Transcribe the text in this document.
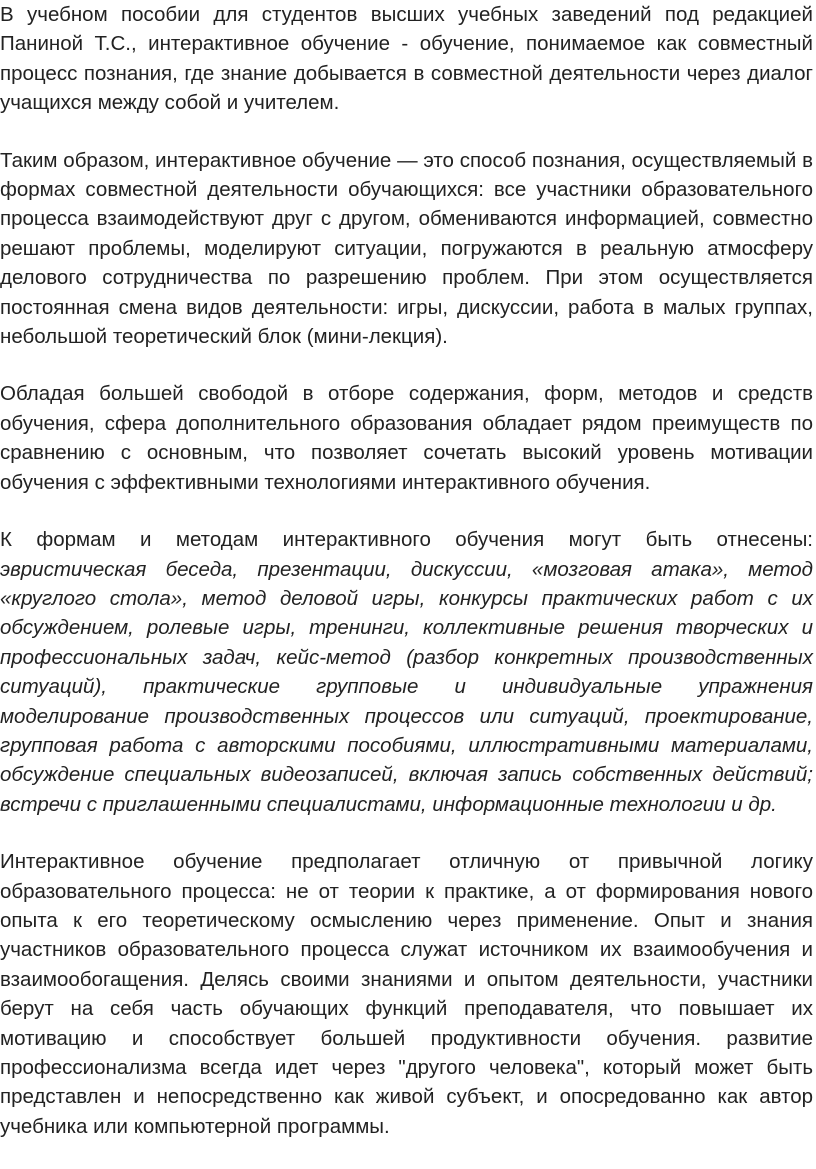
В учебном пособии для студентов высших учебных заведений под редакцией Паниной Т.С., интерактивное обучение - обучение, понимаемое как совместный процесс познания, где знание добывается в совместной деятельности через диалог учащихся между собой и учителем.

Таким образом, интерактивное обучение — это способ познания, осуществляемый в формах совместной деятельности обучающихся: все участники образовательного процесса взаимодействуют друг с другом, обмениваются информацией, совместно решают проблемы, моделируют ситуации, погружаются в реальную атмосферу делового сотрудничества по разрешению проблем. При этом осуществляется постоянная смена видов деятельности: игры, дискуссии, работа в малых группах, небольшой теоретический блок (мини-лекция).

Обладая большей свободой в отборе содержания, форм, методов и средств обучения, сфера дополнительного образования обладает рядом преимуществ по сравнению с основным, что позволяет сочетать высокий уровень мотивации обучения с эффективными технологиями интерактивного обучения.

К формам и методам интерактивного обучения могут быть отнесены: эвристическая беседа, презентации, дискуссии, «мозговая атака», метод «круглого стола», метод деловой игры, конкурсы практических работ с их обсуждением, ролевые игры, тренинги, коллективные решения творческих и профессиональных задач, кейс-метод (разбор конкретных производственных ситуаций), практические групповые и индивидуальные упражнения моделирование производственных процессов или ситуаций, проектирование, групповая работа с авторскими пособиями, иллюстративными материалами, обсуждение специальных видеозаписей, включая запись собственных действий; встречи с приглашенными специалистами, информационные технологии и др.

Интерактивное обучение предполагает отличную от привычной логику образовательного процесса: не от теории к практике, а от формирования нового опыта к его теоретическому осмыслению через применение. Опыт и знания участников образовательного процесса служат источником их взаимообучения и взаимообогащения. Делясь своими знаниями и опытом деятельности, участники берут на себя часть обучающих функций преподавателя, что повышает их мотивацию и способствует большей продуктивности обучения. развитие профессионализма всегда идет через "другого человека", который может быть представлен и непосредственно как живой субъект, и опосредованно как автор учебника или компьютерной программы.
